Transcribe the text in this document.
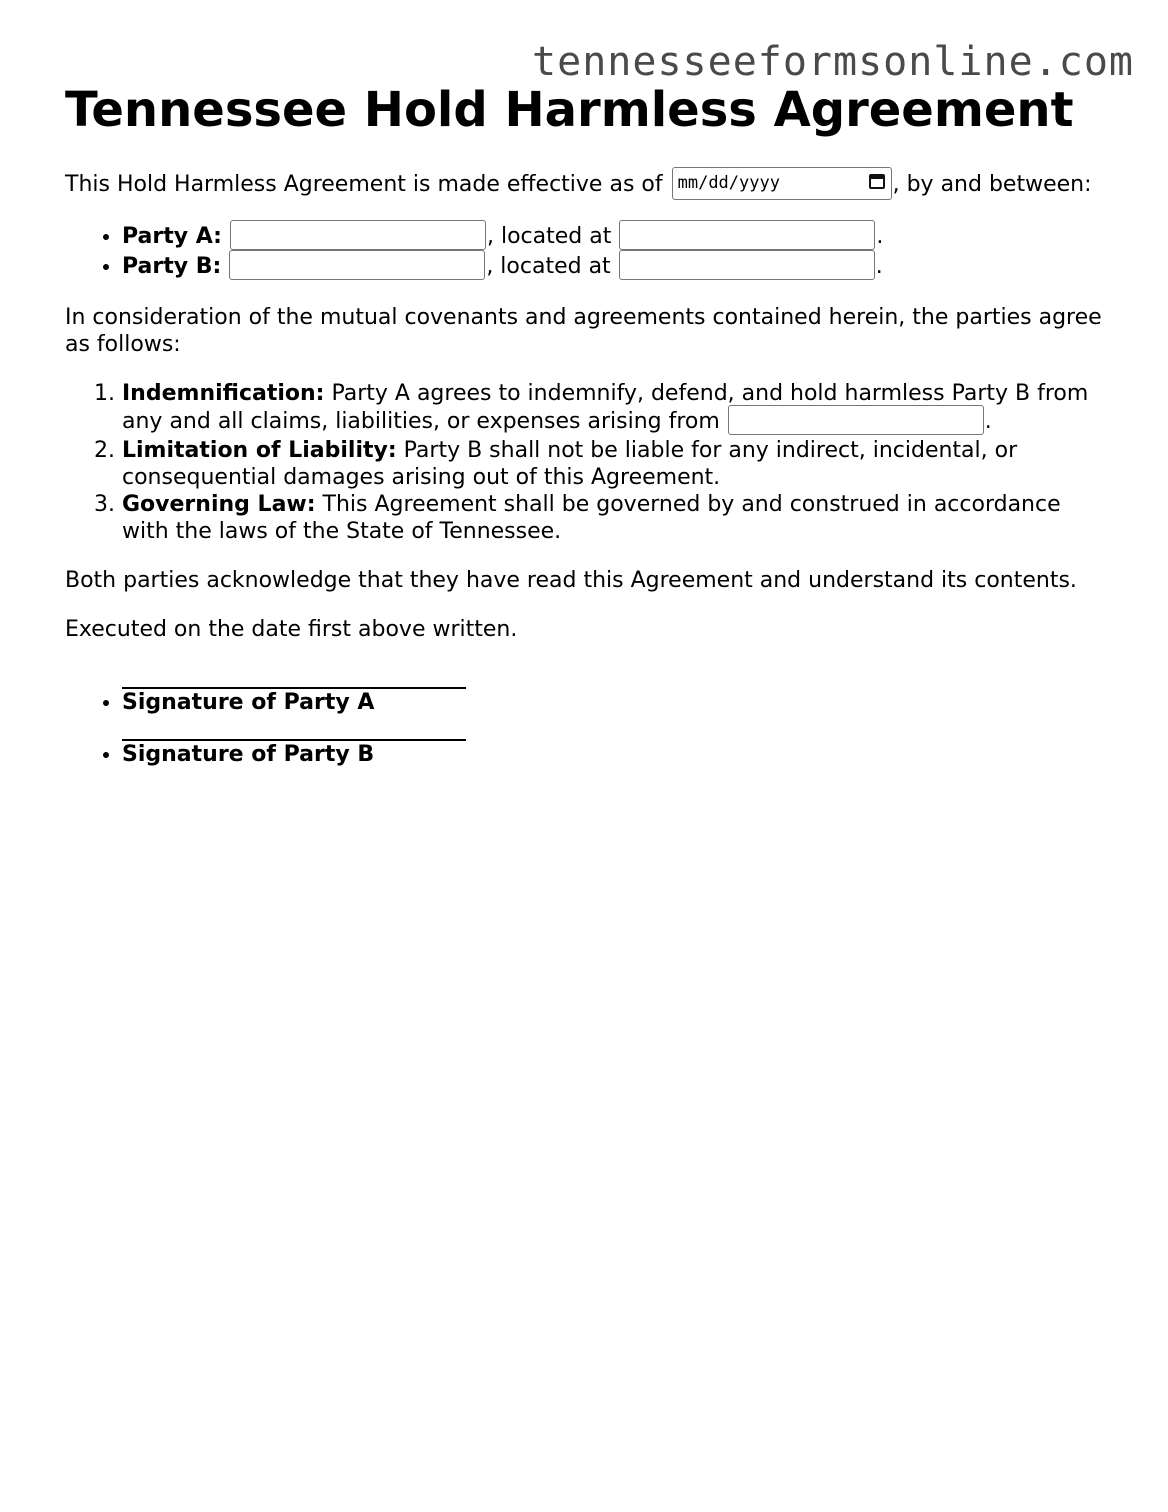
tennesseeformsonline.com
Tennessee Hold Harmless Agreement

This Hold Harmless Agreement is made effective as of mm/dd/yyyy	, by and between:

• Party A:	, located at	.
• Party B:	, located at	.

In consideration of the mutual covenants and agreements contained herein, the parties agree as follows:

1. Indemnification: Party A agrees to indemnify, defend, and hold harmless Party B from any and all claims, liabilities, or expenses arising from	.
2. Limitation of Liability: Party B shall not be liable for any indirect, incidental, or consequential damages arising out of this Agreement.
3. Governing Law: This Agreement shall be governed by and construed in accordance with the laws of the State of Tennessee.

Both parties acknowledge that they have read this Agreement and understand its contents.

Executed on the date first above written.

• Signature of Party A
• Signature of Party B
